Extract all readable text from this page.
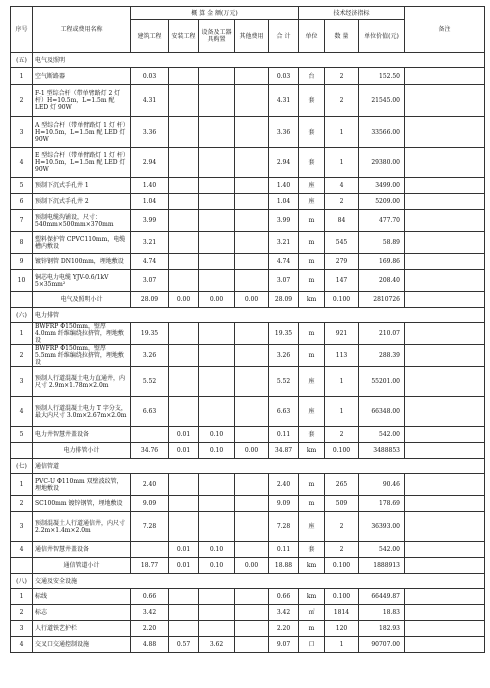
序号	工程或费用名称	概 算 金 额(万元)					技术经济指标			备注
		建筑工程	安装工程	设备及工器具购置	其他费用	合 计	单位	数 量	单位价值(元)	
(五)	电气及照明									
1	空气断路器	0.03				0.03	台	2	152.50	
2	F-1 型综合杆（带单臂路灯 2 灯 杆）H=10.5m，L=1.5m 配 LED 灯 90W	4.31				4.31	套	2	21545.00	
3	A 型综合杆（带单臂路灯 1 灯 杆）H=10.5m，L=1.5m 配 LED 灯 90W	3.36				3.36	套	1	33566.00	
4	E 型综合杆（带单臂路灯 1 灯 杆）H=10.5m，L=1.5m 配 LED 灯 90W	2.94				2.94	套	1	29380.00	
5	预制下沉式手孔井 1	1.40				1.40	座	4	3499.00	
6	预制下沉式手孔井 2	1.04				1.04	座	2	5209.00	
7	预制电缆沟铺设，尺寸：540mm×500mm×370mm	3.99				3.99	m	84	477.70	
8	塑料保护管 CPVC110mm，电缆槽内敷设	3.21				3.21	m	545	58.89	
9	镀锌钢管 DN100mm，埋地敷设	4.74				4.74	m	279	169.86	
10	铜芯电力电缆 YJV-0.6/1kV 5×35mm²	3.07				3.07	m	147	208.40	
	电气及照明小计	28.09	0.00	0.00	0.00	28.09	km	0.100	2810726	
(六)	电力排管									
1	BWFRP Φ150mm，壁厚 4.0mm 纤维编绕拉挤管，埋地敷设	19.35				19.35	m	921	210.07	
2	BWFRP Φ150mm，壁厚 5.5mm 纤维编绕拉挤管，埋地敷设	3.26				3.26	m	113	288.39	
3	预制人行道混凝土电力直通井，内尺寸 2.9m×1.78m×2.0m	5.52				5.52	座	1	55201.00	
4	预制人行道混凝土电力 T 字分支，最大内尺寸 3.0m×2.67m×2.0m	6.63				6.63	座	1	66348.00	
5	电力井智慧井盖设备		0.01	0.10		0.11	套	2	542.00	
	电力排管小计	34.76	0.01	0.10	0.00	34.87	km	0.100	3488853	
(七)	通信管道									
1	PVC-U Φ110mm 双壁波纹管，埋地敷设	2.40				2.40	m	265	90.46	
2	SC100mm 镀锌钢管，埋地敷设	9.09				9.09	m	509	178.69	
3	预制混凝土人行道通信井，内尺寸 2.2m×1.4m×2.0m	7.28				7.28	座	2	36393.00	
4	通信井智慧井盖设备		0.01	0.10		0.11	套	2	542.00	
	通信管道小计	18.77	0.01	0.10	0.00	18.88	km	0.100	1888913	
(八)	交通及安全设施									
1	标线	0.66				0.66	km	0.100	66449.87	
2	标志	3.42				3.42	㎡	1814	18.83	
3	人行道铁艺护栏	2.20				2.20	m	120	182.93	
4	交叉口交通控制设施	4.88	0.57	3.62		9.07	口	1	90707.00	
